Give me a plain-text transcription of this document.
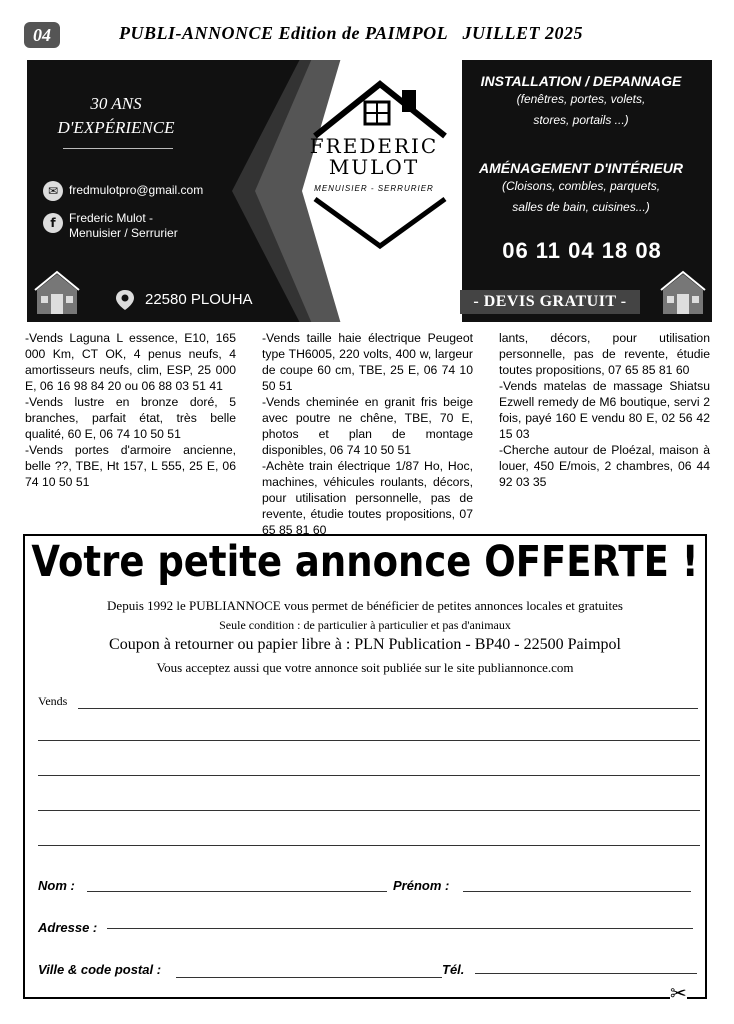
04	PUBLI-ANNONCE Edition de PAIMPOL   JUILLET 2025
FREDERIC
MULOT
MENUISIER - SERRURIER
30 ANS
D'EXPÉRIENCE
✉ fredmulotpro@gmail.com
f	Frederic Mulot -
Menuisier / Serrurier
22580 PLOUHA
INSTALLATION / DEPANNAGE
(fenêtres, portes, volets,
stores, portails ...)
AMÉNAGEMENT D'INTÉRIEUR
(Cloisons, combles, parquets,
salles de bain, cuisines...)
06 11 04 18 08
- DEVIS GRATUIT -

-Vends Laguna L essence, E10, 165 000 Km, CT OK, 4 penus neufs, 4 amortisseurs neufs, clim, ESP, 25 000 E, 06 16 98 84 20 ou 06 88 03 51 41

-Vends lustre en bronze doré, 5 branches, parfait état, très belle qualité, 60 E, 06 74 10 50 51

-Vends portes d'armoire ancienne, belle ??, TBE, Ht 157, L 555, 25 E, 06 74 10 50 51

-Vends taille haie électrique Peugeot type TH6005, 220 volts, 400 w, largeur de coupe 60 cm, TBE, 25 E, 06 74 10 50 51

-Vends cheminée en granit fris beige avec poutre ne chêne, TBE, 70 E, photos et plan de montage disponibles, 06 74 10 50 51

-Achète train électrique 1/87 Ho, Hoc, machines, véhicules roulants, décors, pour utilisation personnelle, pas de revente, étudie toutes propositions, 07 65 85 81 60

lants, décors, pour utilisation personnelle, pas de revente, étudie toutes propositions, 07 65 85 81 60

-Vends matelas de massage Shiatsu Ezwell remedy de M6 boutique, servi 2 fois, payé 160 E vendu 80 E, 02 56 42 15 03

-Cherche autour de Ploézal, maison à louer, 450 E/mois, 2 chambres, 06 44 92 03 35

Votre petite annonce OFFERTE !
Depuis 1992 le PUBLIANNOCE vous permet de bénéficier de petites annonces locales et gratuites
Seule condition : de particulier à particulier et pas d'animaux
Coupon à retourner ou papier libre à : PLN Publication - BP40 - 22500 Paimpol
Vous acceptez aussi que votre annonce soit publiée sur le site publiannonce.com
Vends
Nom :	Prénom :
Adresse :
Ville & code postal :	Tél.
✂
